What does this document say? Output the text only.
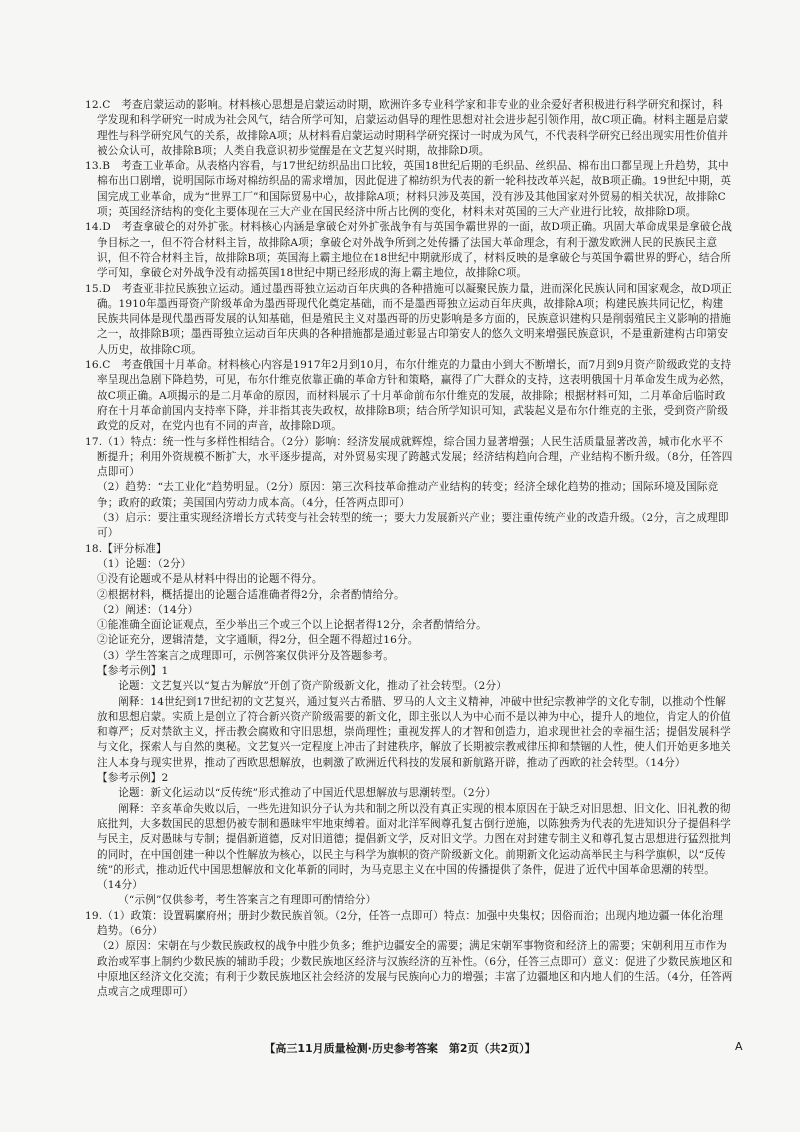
12.C　考查启蒙运动的影响。材料核心思想是启蒙运动时期，欧洲许多专业科学家和非专业的业余爱好者积极进行科学研究和探讨，科学发现和科学研究一时成为社会风气，结合所学可知，启蒙运动倡导的理性思想对社会进步起引领作用，故C项正确。材料主题是启蒙理性与科学研究风气的关系，故排除A项；从材料看启蒙运动时期科学研究探讨一时成为风气，不代表科学研究已经出现实用性价值并被公众认可，故排除B项；人类自我意识初步觉醒是在文艺复兴时期，故排除D项。
13.B　考查工业革命。从表格内容看，与17世纪纺织品出口比较，英国18世纪后期的毛织品、丝织品、棉布出口都呈现上升趋势，其中棉布出口剧增，说明国际市场对棉纺织品的需求增加，因此促进了棉纺织为代表的新一轮科技改革兴起，故B项正确。19世纪中期，英国完成工业革命，成为“世界工厂”和国际贸易中心，故排除A项；材料只涉及英国，没有涉及其他国家对外贸易的相关状况，故排除C项；英国经济结构的变化主要体现在三大产业在国民经济中所占比例的变化，材料未对英国的三大产业进行比较，故排除D项。
14.D　考查拿破仑的对外扩张。材料核心内涵是拿破仑对外扩张战争有与英国争霸世界的一面，故D项正确。巩固大革命成果是拿破仑战争目标之一，但不符合材料主旨，故排除A项；拿破仑对外战争所到之处传播了法国大革命理念，有利于激发欧洲人民的民族民主意识，但不符合材料主旨，故排除B项；英国海上霸主地位在18世纪中期就形成了，材料反映的是拿破仑与英国争霸世界的野心，结合所学可知，拿破仑对外战争没有动摇英国18世纪中期已经形成的海上霸主地位，故排除C项。
15.D　考查亚非拉民族独立运动。通过墨西哥独立运动百年庆典的各种措施可以凝聚民族力量，进而深化民族认同和国家观念，故D项正确。1910年墨西哥资产阶级革命为墨西哥现代化奠定基础，而不是墨西哥独立运动百年庆典，故排除A项；构建民族共同记忆，构建民族共同体是现代墨西哥发展的认知基础，但是殖民主义对墨西哥的历史影响是多方面的，民族意识建构只是削弱殖民主义影响的措施之一，故排除B项；墨西哥独立运动百年庆典的各种措施都是通过彰显古印第安人的悠久文明来增强民族意识，不是重新建构古印第安人历史，故排除C项。
16.C　考查俄国十月革命。材料核心内容是1917年2月到10月，布尔什维克的力量由小到大不断增长，而7月到9月资产阶级政党的支持率呈现出急剧下降趋势，可见，布尔什维克依靠正确的革命方针和策略，赢得了广大群众的支持，这表明俄国十月革命发生成为必然，故C项正确。A项揭示的是二月革命的原因，而材料展示了十月革命前布尔什维克的发展，故排除；根据材料可知，二月革命后临时政府在十月革命前国内支持率下降，并非指其丧失政权，故排除B项；结合所学知识可知，武装起义是布尔什维克的主张，受到资产阶级政党的反对，在党内也有不同的声音，故排除D项。
17.（1）特点：统一性与多样性相结合。（2分）影响：经济发展成就辉煌，综合国力显著增强；人民生活质量显著改善，城市化水平不断提升；利用外资规模不断扩大，水平逐步提高，对外贸易实现了跨越式发展；经济结构趋向合理，产业结构不断升级。（8分，任答四点即可）
（2）趋势：“去工业化”趋势明显。（2分）原因：第三次科技革命推动产业结构的转变；经济全球化趋势的推动；国际环境及国际竞争；政府的政策；美国国内劳动力成本高。（4分，任答两点即可）
（3）启示：要注重实现经济增长方式转变与社会转型的统一；要大力发展新兴产业；要注重传统产业的改造升级。（2分，言之成理即可）
18.【评分标准】
（1）论题：（2分）
①没有论题或不是从材料中得出的论题不得分。
②根据材料，概括提出的论题合适准确者得2分，余者酌情给分。
（2）阐述：（14分）
①能准确全面论证观点，至少举出三个或三个以上论据者得12分，余者酌情给分。
②论证充分，逻辑清楚，文字通顺，得2分，但全题不得超过16分。
（3）学生答案言之成理即可，示例答案仅供评分及答题参考。
【参考示例】1
论题：文艺复兴以“复古为解放”开创了资产阶级新文化，推动了社会转型。（2分）
阐释：14世纪到17世纪初的文艺复兴，通过复兴古希腊、罗马的人文主义精神，冲破中世纪宗教神学的文化专制，以推动个性解放和思想启蒙。实质上是创立了符合新兴资产阶级需要的新文化，即主张以人为中心而不是以神为中心，提升人的地位，肯定人的价值和尊严；反对禁欲主义，抨击教会腐败和守旧思想，崇尚理性；重视发挥人的才智和创造力，追求现世社会的幸福生活；提倡发展科学与文化，探索人与自然的奥秘。文艺复兴一定程度上冲击了封建秩序，解放了长期被宗教戒律压抑和禁锢的人性，使人们开始更多地关注人本身与现实世界，推动了西欧思想解放，也刺激了欧洲近代科技的发展和新航路开辟，推动了西欧的社会转型。（14分）
【参考示例】2
论题：新文化运动以“反传统”形式推动了中国近代思想解放与思潮转型。（2分）
阐释：辛亥革命失败以后，一些先进知识分子认为共和制之所以没有真正实现的根本原因在于缺乏对旧思想、旧文化、旧礼教的彻底批判，大多数国民的思想仍被专制和愚昧牢牢地束缚着。面对北洋军阀尊孔复古倒行逆施，以陈独秀为代表的先进知识分子提倡科学与民主，反对愚昧与专制；提倡新道德，反对旧道德；提倡新文学，反对旧文学。力图在对封建专制主义和尊孔复古思想进行猛烈批判的同时，在中国创建一种以个性解放为核心，以民主与科学为旗帜的资产阶级新文化。前期新文化运动高举民主与科学旗帜，以“反传统”的形式，推动近代中国思想解放和文化革新的同时，为马克思主义在中国的传播提供了条件，促进了近代中国革命思潮的转型。（14分）
（“示例”仅供参考，考生答案言之有理即可酌情给分）
19.（1）政策：设置羁縻府州；册封少数民族首领。（2分，任答一点即可）特点：加强中央集权；因俗而治；出现内地边疆一体化治理趋势。（6分）
（2）原因：宋朝在与少数民族政权的战争中胜少负多；维护边疆安全的需要；满足宋朝军事物资和经济上的需要；宋朝利用互市作为政治或军事上制约少数民族的辅助手段；少数民族地区经济与汉族经济的互补性。（6分，任答三点即可）意义：促进了少数民族地区和中原地区经济文化交流；有利于少数民族地区社会经济的发展与民族向心力的增强；丰富了边疆地区和内地人们的生活。（4分，任答两点或言之成理即可）
【高三11月质量检测·历史参考答案　第2页（共2页）】	A
